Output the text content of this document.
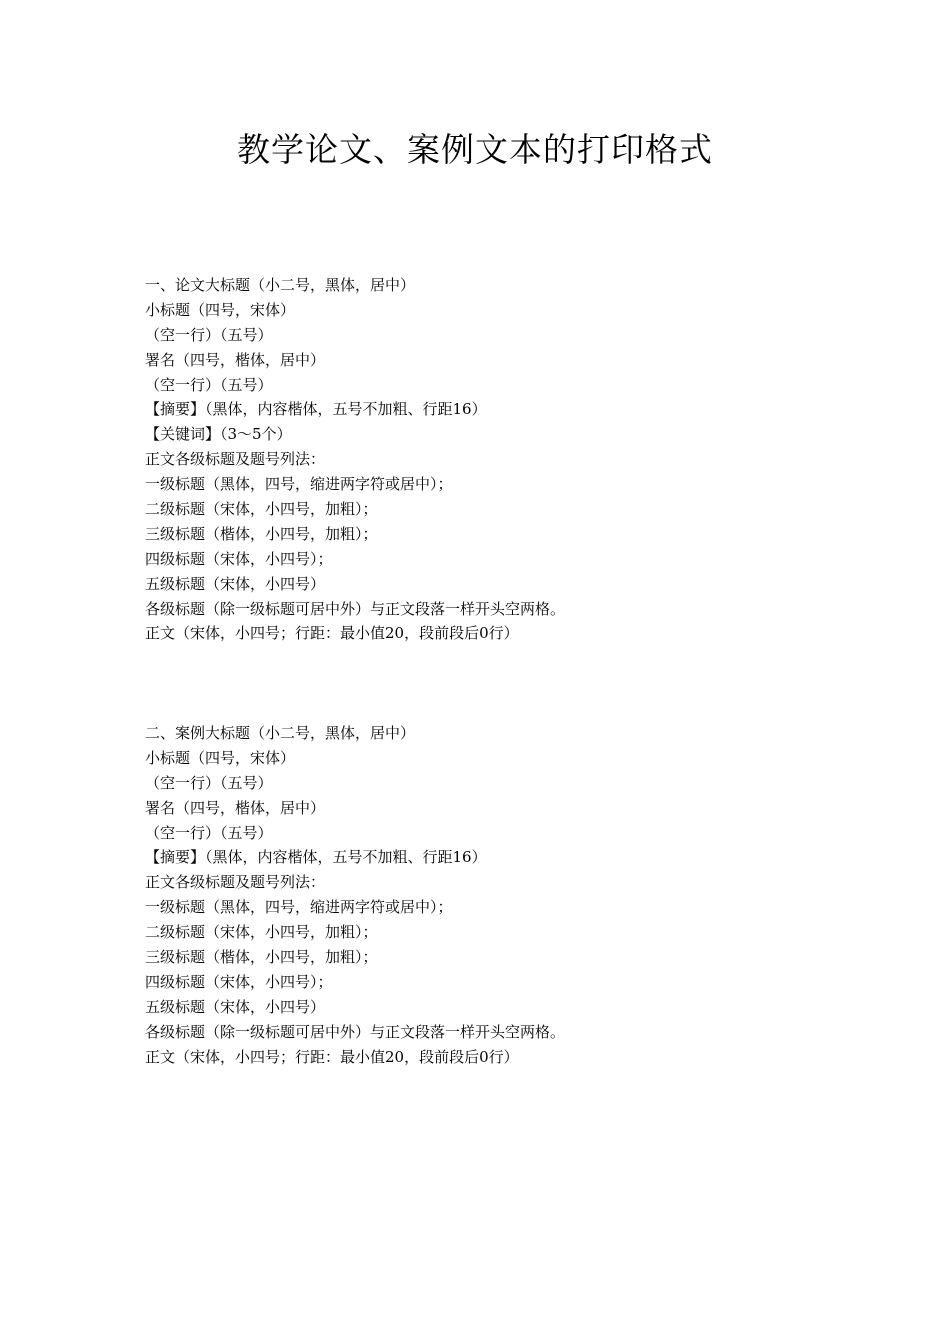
教学论文、案例文本的打印格式
一、论文大标题（小二号，黑体，居中）
小标题（四号，宋体）
（空一行）（五号）
署名（四号，楷体，居中）
（空一行）（五号）
【摘要】（黑体，内容楷体，五号不加粗、行距16）
【关键词】（3～5个）
正文各级标题及题号列法：
一级标题（黑体，四号，缩进两字符或居中）；
二级标题（宋体，小四号，加粗）；
三级标题（楷体，小四号，加粗）；
四级标题（宋体，小四号）；
五级标题（宋体，小四号）
各级标题（除一级标题可居中外）与正文段落一样开头空两格。
正文（宋体，小四号；行距：最小值20，段前段后0行）
二、案例大标题（小二号，黑体，居中）
小标题（四号，宋体）
（空一行）（五号）
署名（四号，楷体，居中）
（空一行）（五号）
【摘要】（黑体，内容楷体，五号不加粗、行距16）
正文各级标题及题号列法：
一级标题（黑体，四号，缩进两字符或居中）；
二级标题（宋体，小四号，加粗）；
三级标题（楷体，小四号，加粗）；
四级标题（宋体，小四号）；
五级标题（宋体，小四号）
各级标题（除一级标题可居中外）与正文段落一样开头空两格。
正文（宋体，小四号；行距：最小值20，段前段后0行）
